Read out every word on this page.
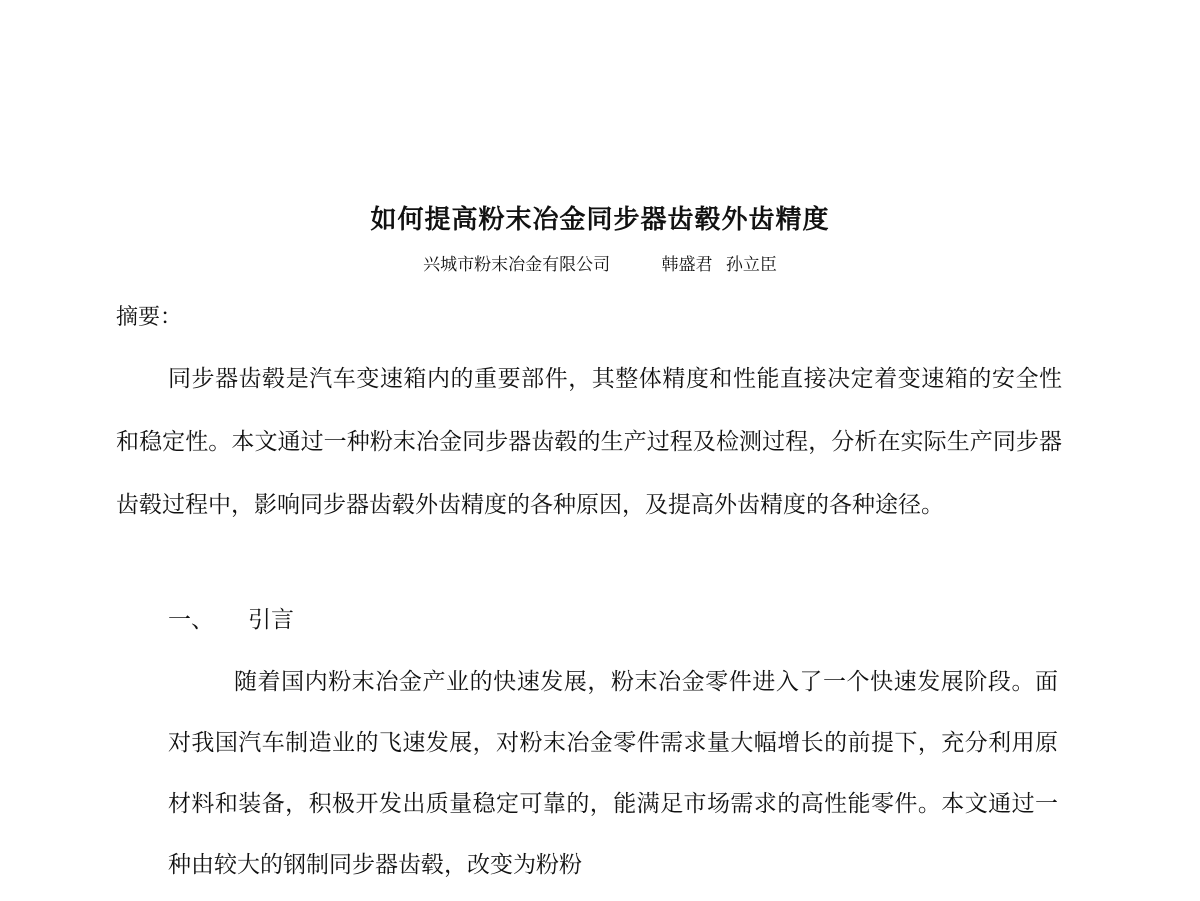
如何提高粉末冶金同步器齿毂外齿精度
兴城市粉末冶金有限公司	韩盛君 孙立臣
摘要：

同步器齿毂是汽车变速箱内的重要部件，其整体精度和性能直接决定着变速箱的安全性和稳定性。本文通过一种粉末冶金同步器齿毂的生产过程及检测过程，分析在实际生产同步器齿毂过程中，影响同步器齿毂外齿精度的各种原因，及提高外齿精度的各种途径。

一、 引言

随着国内粉末冶金产业的快速发展，粉末冶金零件进入了一个快速发展阶段。面对我国汽车制造业的飞速发展，对粉末冶金零件需求量大幅增长的前提下，充分利用原材料和装备，积极开发出质量稳定可靠的，能满足市场需求的高性能零件。本文通过一种由较大的钢制同步器齿毂，改变为粉粉
